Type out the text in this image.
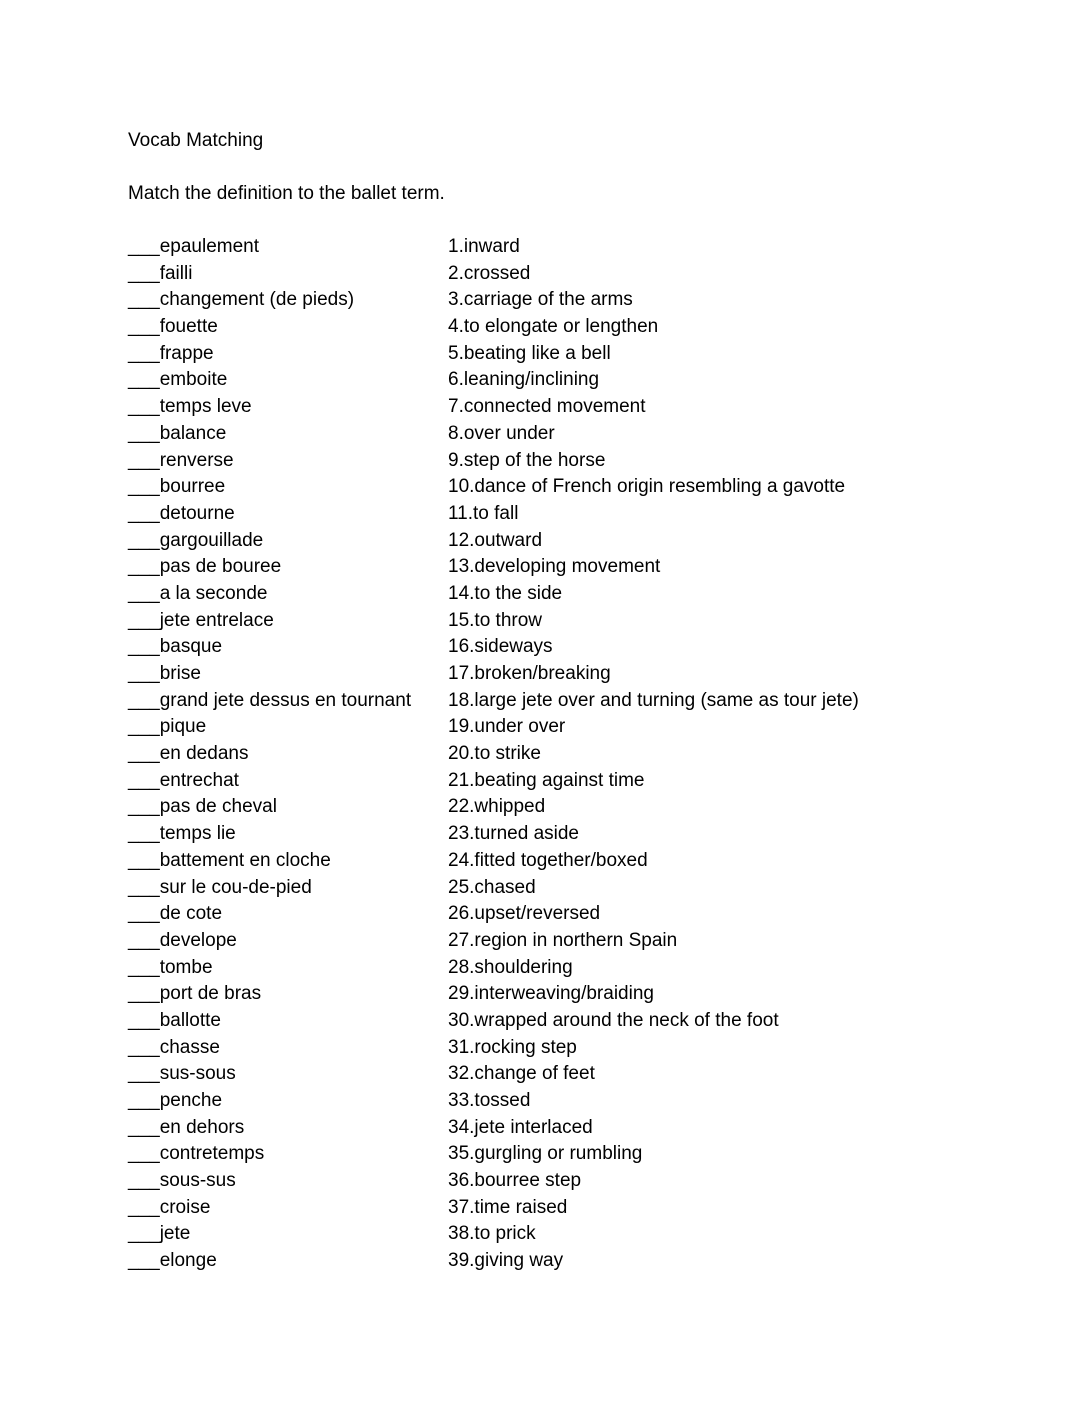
Vocab Matching
Match the definition to the ballet term.
___epaulement	1.inward
___failli	2.crossed
___changement (de pieds)	3.carriage of the arms
___fouette	4.to elongate or lengthen
___frappe	5.beating like a bell
___emboite	6.leaning/inclining
___temps leve	7.connected movement
___balance	8.over under
___renverse	9.step of the horse
___bourree	10.dance of French origin resembling a gavotte
___detourne	11.to fall
___gargouillade	12.outward
___pas de bouree	13.developing movement
___a la seconde	14.to the side
___jete entrelace	15.to throw
___basque	16.sideways
___brise	17.broken/breaking
___grand jete dessus en tournant 18.large jete over and turning (same as tour jete)
___pique	19.under over
___en dedans	20.to strike
___entrechat	21.beating against time
___pas de cheval	22.whipped
___temps lie	23.turned aside
___battement en cloche	24.fitted together/boxed
___sur le cou-de-pied	25.chased
___de cote	26.upset/reversed
___develope	27.region in northern Spain
___tombe	28.shouldering
___port de bras	29.interweaving/braiding
___ballotte	30.wrapped around the neck of the foot
___chasse	31.rocking step
___sus-sous	32.change of feet
___penche	33.tossed
___en dehors	34.jete interlaced
___contretemps	35.gurgling or rumbling
___sous-sus	36.bourree step
___croise	37.time raised
___jete	38.to prick
___elonge	39.giving way
